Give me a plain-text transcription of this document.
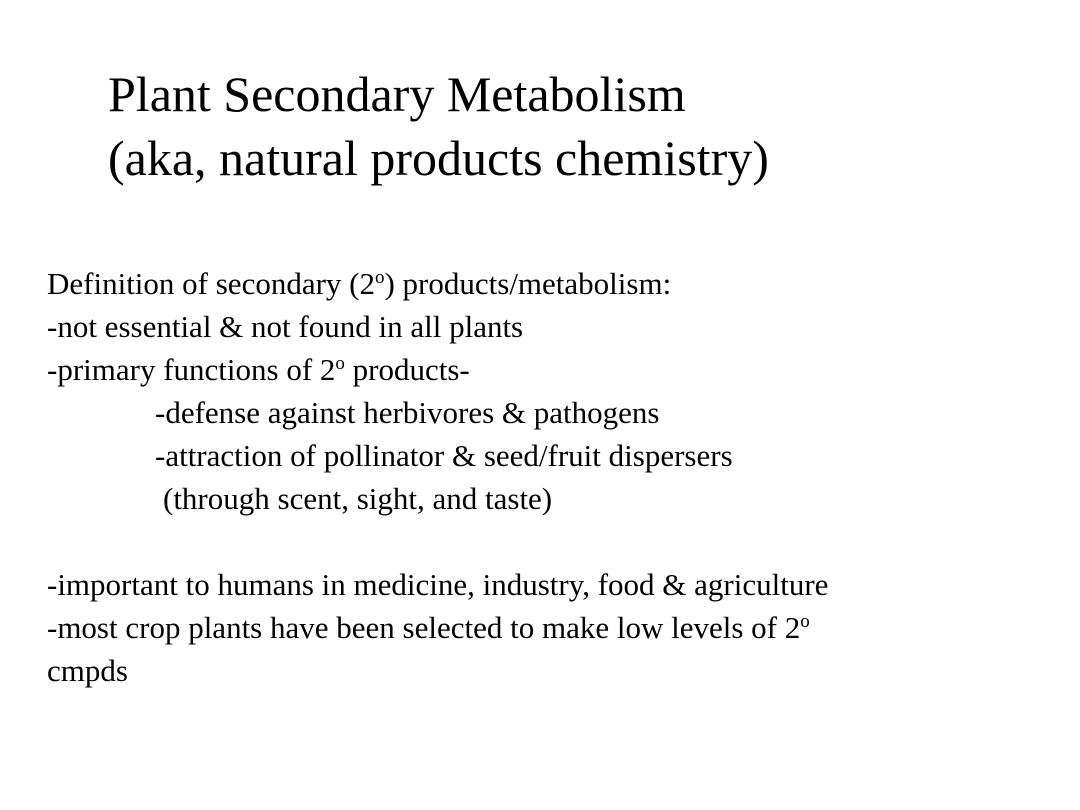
Plant Secondary Metabolism
(aka, natural products chemistry)
Definition of secondary (2$^o$) products/metabolism:
-not essential & not found in all plants
-primary functions of 2$^o$ products-
-defense against herbivores & pathogens
-attraction of pollinator & seed/fruit dispersers
(through scent, sight, and taste)
-important to humans in medicine, industry, food & agriculture
-most crop plants have been selected to make low levels of 2$^o$
cmpds
